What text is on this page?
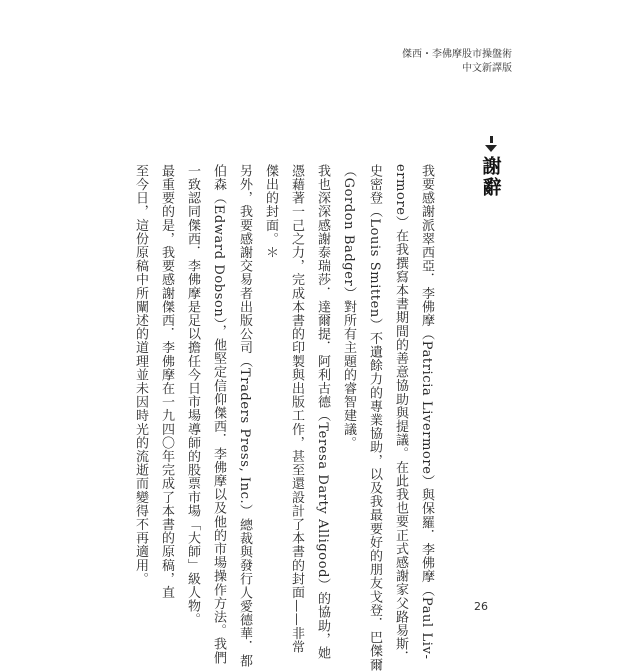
傑西・李佛摩股市操盤術
中文新譯版
謝辭
我要感謝派翠西亞．李佛摩（Patricia Livermore）與保羅．李佛摩（Paul Liv-
ermore）在我撰寫本書期間的善意協助與提議。在此我也要正式感謝家父路易斯．
史密登（Louis Smitten）不遺餘力的專業協助，以及我最要好的朋友戈登．巴傑爾
（Gordon Badger）對所有主題的睿智建議。
我也深深感謝泰瑞莎．達爾提．阿利古德（Teresa Darty Alligood）的協助，她
憑藉著一己之力，完成本書的印製與出版工作，甚至還設計了本書的封面——非常
傑出的封面。＊
另外，我要感謝交易者出版公司（Traders Press, Inc.）總裁與發行人愛德華．都
伯森（Edward Dobson），他堅定信仰傑西．李佛摩以及他的市場操作方法。我們
一致認同傑西．李佛摩是足以擔任今日市場導師的股票市場「大師」級人物。
最重要的是，我要感謝傑西．李佛摩在一九四〇年完成了本書的原稿，直
至今日，這份原稿中所闡述的道理並未因時光的流逝而變得不再適用。
26
